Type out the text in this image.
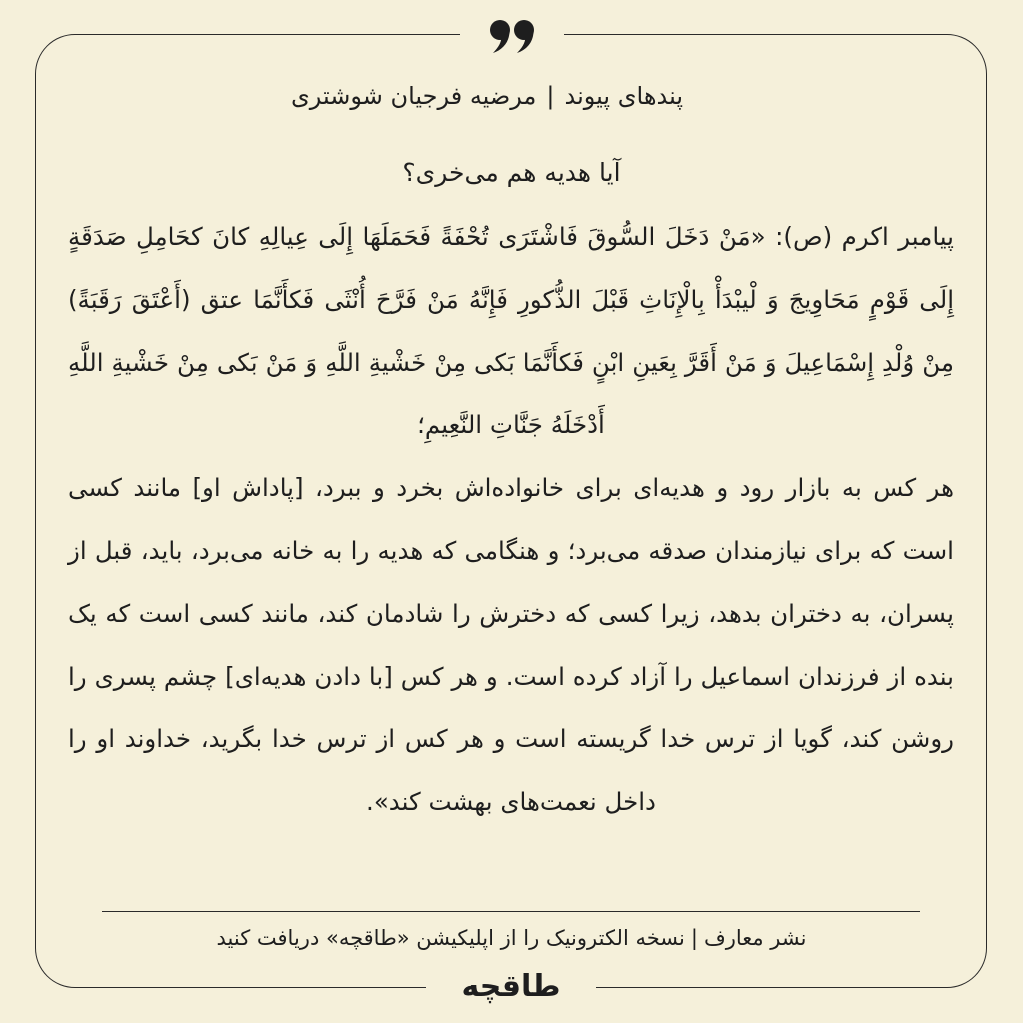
پندهای پیوند|مرضیه فرجیان شوشتری
آیا هدیه هم می‌خری؟

پیامبر اکرم (ص): «مَنْ دَخَلَ السُّوقَ فَاشْتَرَی تُحْفَةً فَحَمَلَهَا إِلَی عِیالِهِ کانَ کحَامِلِ صَدَقَةٍ إِلَی قَوْمٍ مَحَاوِیجَ وَ لْیبْدَأْ بِالْإِنَاثِ قَبْلَ الذُّکورِ فَإِنَّهُ مَنْ فَرَّحَ أُنْثَی فَکأَنَّمَا عتق (أَعْتَقَ رَقَبَةً) مِنْ وُلْدِ إِسْمَاعِیلَ وَ مَنْ أَقَرَّ بِعَینِ ابْنٍ فَکأَنَّمَا بَکی مِنْ خَشْیةِ اللَّهِ وَ مَنْ بَکی مِنْ خَشْیةِ اللَّهِ أَدْخَلَهُ جَنَّاتِ النَّعِیمِ؛

هر کس به بازار رود و هدیه‌ای برای خانواده‌اش بخرد و ببرد، [پاداش او] مانند کسی است که برای نیازمندان صدقه می‌برد؛ و هنگامی که هدیه را به خانه می‌برد، باید، قبل از پسران، به دختران بدهد، زیرا کسی که دخترش را شادمان کند، مانند کسی است که یک بنده از فرزندان اسماعیل را آزاد کرده است. و هر کس [با دادن هدیه‌ای] چشم پسری را روشن کند، گویا از ترس خدا گریسته است و هر کس از ترس خدا بگرید، خداوند او را داخل نعمت‌های بهشت کند».

نشر معارف|نسخه الکترونیک را از اپلیکیشن «طاقچه» دریافت کنید
طاقچه
